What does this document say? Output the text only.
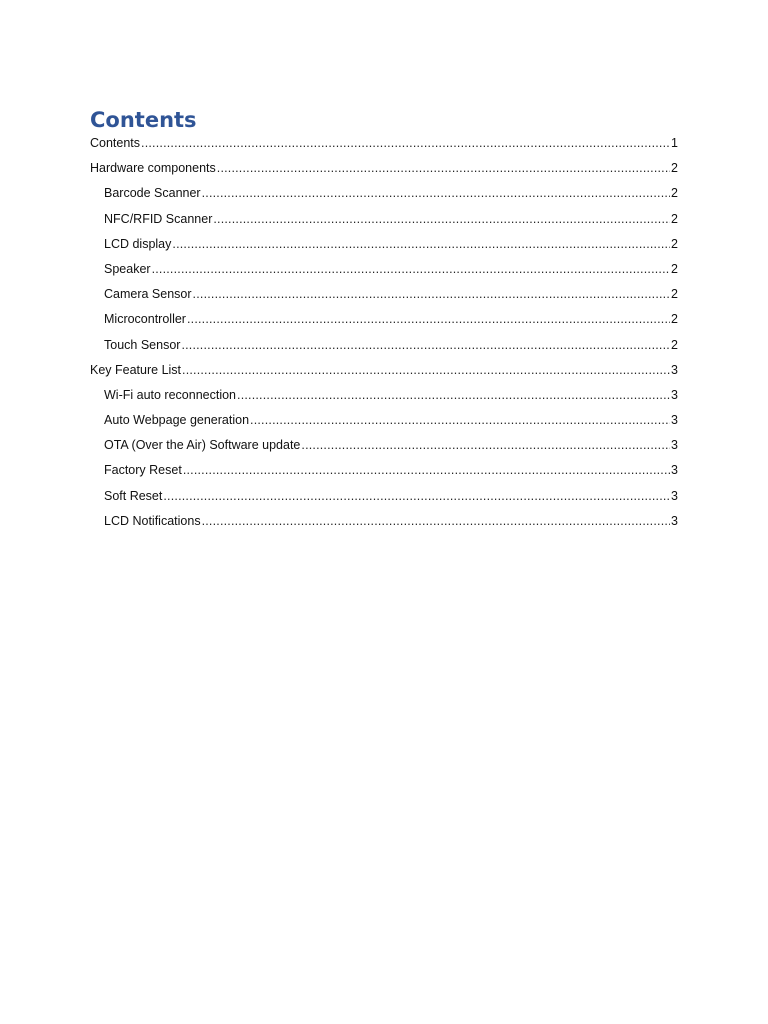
Contents
Contents .....	1
Hardware components .....	2
Barcode Scanner .....	2
NFC/RFID Scanner .....	2
LCD display .....	2
Speaker .....	2
Camera Sensor .....	2
Microcontroller .....	2
Touch Sensor .....	2
Key Feature List .....	3
Wi-Fi auto reconnection .....	3
Auto Webpage generation .....	3
OTA (Over the Air) Software update .....	3
Factory Reset .....	3
Soft Reset .....	3
LCD Notifications .....	3
